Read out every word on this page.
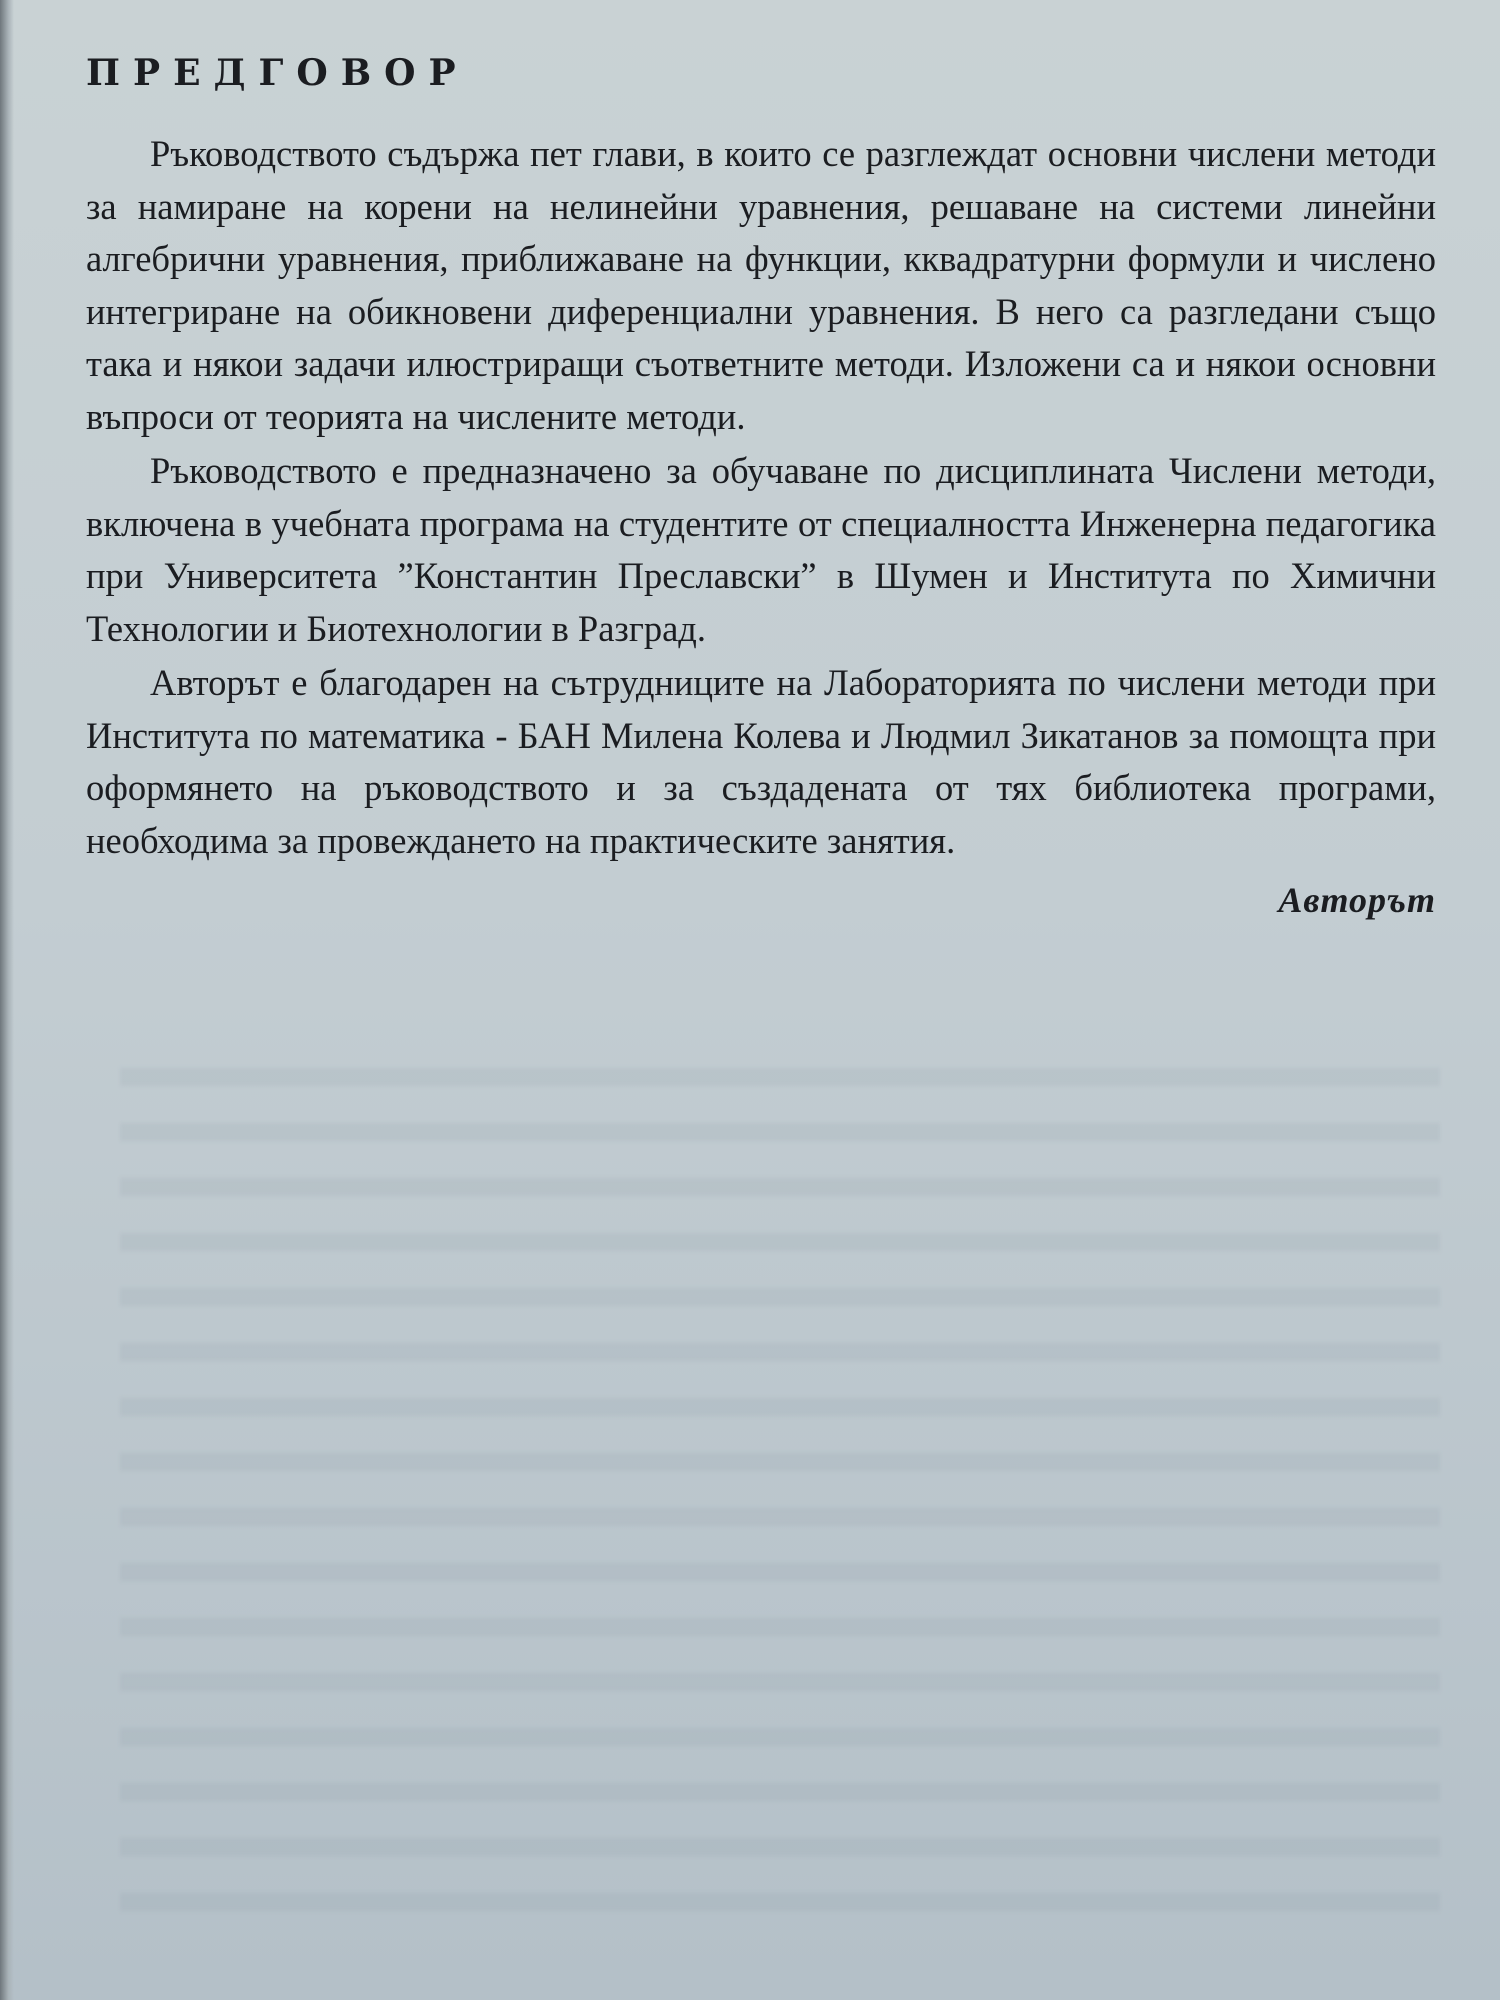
ПРЕДГОВОР

Ръководството съдържа пет глави, в които се разглеждат основни числени методи за намиране на корени на нелинейни уравнения, решаване на системи линейни алгебрични уравнения, приближаване на функции, кквадратурни формули и числено интегриране на обикновени диференциални уравнения. В него са разгледани също така и някои задачи илюстриращи съответните методи. Изложени са и някои основни въпроси от теорията на числените методи.

Ръководството е предназначено за обучаване по дисциплината Числени методи, включена в учебната програма на студентите от специалността Инженерна педагогика при Университета ”Константин Преславски” в Шумен и Института по Химични Технологии и Биотехнологии в Разград.

Авторът е благодарен на сътрудниците на Лабораторията по числени методи при Института по математика - БАН Милена Колева и Людмил Зикатанов за помощта при оформянето на ръководството и за създадената от тях библиотека програми, необходима за провеждането на практическите занятия.

Авторът
